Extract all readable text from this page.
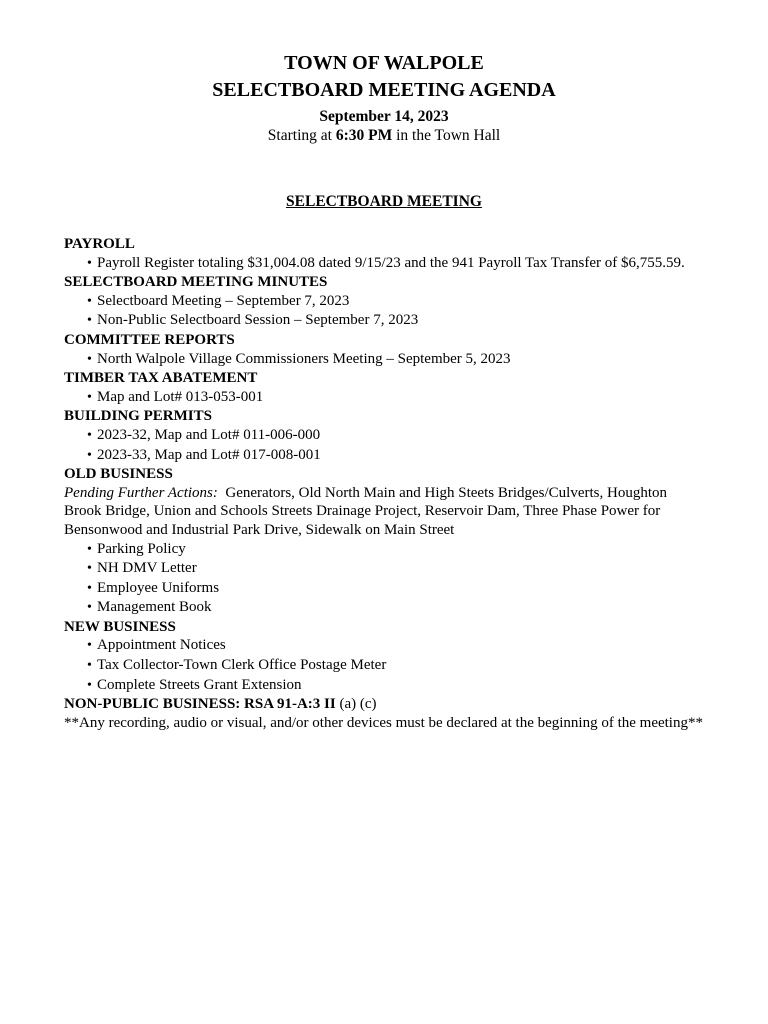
TOWN OF WALPOLE
SELECTBOARD MEETING AGENDA
September 14, 2023
Starting at 6:30 PM in the Town Hall
SELECTBOARD MEETING
PAYROLL
• Payroll Register totaling $31,004.08 dated 9/15/23 and the 941 Payroll Tax Transfer of $6,755.59.
SELECTBOARD MEETING MINUTES
• Selectboard Meeting – September 7, 2023
• Non-Public Selectboard Session – September 7, 2023
COMMITTEE REPORTS
• North Walpole Village Commissioners Meeting – September 5, 2023
TIMBER TAX ABATEMENT
• Map and Lot# 013-053-001
BUILDING PERMITS
• 2023-32, Map and Lot# 011-006-000
• 2023-33, Map and Lot# 017-008-001
OLD BUSINESS
Pending Further Actions:  Generators, Old North Main and High Steets Bridges/Culverts, Houghton Brook Bridge, Union and Schools Streets Drainage Project, Reservoir Dam, Three Phase Power for Bensonwood and Industrial Park Drive, Sidewalk on Main Street
• Parking Policy
• NH DMV Letter
• Employee Uniforms
• Management Book
NEW BUSINESS
• Appointment Notices
• Tax Collector-Town Clerk Office Postage Meter
• Complete Streets Grant Extension
NON-PUBLIC BUSINESS: RSA 91-A:3 II (a) (c)
**Any recording, audio or visual, and/or other devices must be declared at the beginning of the meeting**
